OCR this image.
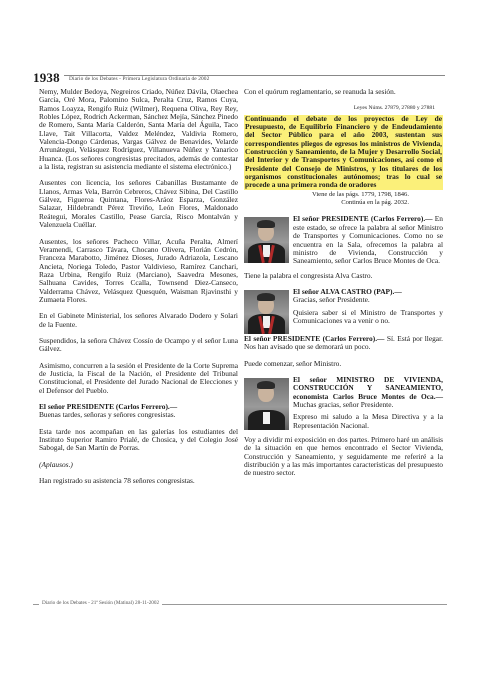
1938 Diario de los Debates - Primera Legislatura Ordinaria de 2002

Nemy, Mulder Bedoya, Negreiros Criado, Núñez Dávila, Olaechea García, Oré Mora, Palomino Sulca, Peralta Cruz, Ramos Cuya, Ramos Loayza, Rengifo Ruiz (Wilmer), Requena Oliva, Rey Rey, Robles López, Rodrich Ackerman, Sánchez Mejía, Sánchez Pinedo de Romero, Santa María Calderón, Santa María del Águila, Taco Llave, Tait Villacorta, Valdez Meléndez, Valdivia Romero, Valencia-Dongo Cárdenas, Vargas Gálvez de Benavides, Velarde Arrunátegui, Velásquez Rodríguez, Villanueva Núñez y Yanarico Huanca. (Los señores congresistas precitados, además de contestar a la lista, registran su asistencia mediante el sistema electrónico.)

Ausentes con licencia, los señores Cabanillas Bustamante de Llanos, Armas Vela, Barrón Cebreros, Chávez Sibina, Del Castillo Gálvez, Figueroa Quintana, Flores-Aráoz Esparza, González Salazar, Hildebrandt Pérez Treviño, León Flores, Maldonado Reátegui, Morales Castillo, Pease García, Risco Montalván y Valenzuela Cuéllar.

Ausentes, los señores Pacheco Villar, Acuña Peralta, Almerí Veramendi, Carrasco Távara, Chocano Olivera, Florián Cedrón, Franceza Marabotto, Jiménez Dioses, Jurado Adriazola, Lescano Ancieta, Noriega Toledo, Pastor Valdivieso, Ramírez Canchari, Raza Urbina, Rengifo Ruiz (Marciano), Saavedra Mesones, Salhuana Cavides, Torres Ccalla, Townsend Diez-Canseco, Valderrama Chávez, Velásquez Quesquén, Waisman Rjavinsthi y Zumaeta Flores.

En el Gabinete Ministerial, los señores Alvarado Dodero y Solari de la Fuente.

Suspendidos, la señora Chávez Cossío de Ocampo y el señor Luna Gálvez.

Asimismo, concurren a la sesión el Presidente de la Corte Suprema de Justicia, la Fiscal de la Nación, el Presidente del Tribunal Constitucional, el Presidente del Jurado Nacional de Elecciones y el Defensor del Pueblo.

El señor PRESIDENTE (Carlos Ferrero).—
Buenas tardes, señoras y señores congresistas.

Esta tarde nos acompañan en las galerías los estudiantes del Instituto Superior Ramiro Prialé, de Chosica, y del Colegio José Sabogal, de San Martín de Porras.

(Aplausos.)

Han registrado su asistencia 78 señores congresistas.

Con el quórum reglamentario, se reanuda la sesión.

Leyes Núms. 27879, 27880 y 27881
Continuando el debate de los proyectos de Ley de Presupuesto, de Equilibrio Financiero y de Endeudamiento del Sector Público para el año 2003, sustentan sus correspondientes pliegos de egresos los ministros de Vivienda, Construcción y Saneamiento, de la Mujer y Desarrollo Social, del Interior y de Transportes y Comunicaciones, así como el Presidente del Consejo de Ministros, y los titulares de los organismos constitucionales autónomos; tras lo cual se procede a una primera ronda de oradores
Viene de las págs. 1779, 1798, 1846.
Continúa en la pág. 2032.

El señor PRESIDENTE (Carlos Ferrero).— En este estado, se ofrece la palabra al señor Ministro de Transportes y Comunicaciones. Como no se encuentra en la Sala, ofrecemos la palabra al ministro de Vivienda, Construcción y Saneamiento, señor Carlos Bruce Montes de Oca.

Tiene la palabra el congresista Alva Castro.

El señor ALVA CASTRO (PAP).—
Gracias, señor Presidente.

Quisiera saber si el Ministro de Transportes y Comunicaciones va a venir o no.

El señor PRESIDENTE (Carlos Ferrero).— Sí. Está por llegar. Nos han avisado que se demorará un poco.

Puede comenzar, señor Ministro.

El señor MINISTRO DE VIVIENDA, CONSTRUCCIÓN Y SANEAMIENTO, economista Carlos Bruce Montes de Oca.— Muchas gracias, señor Presidente.

Expreso mi saludo a la Mesa Directiva y a la Representación Nacional.

Voy a dividir mi exposición en dos partes. Primero haré un análisis de la situación en que hemos encontrado el Sector Vivienda, Construcción y Saneamiento, y seguidamente me referiré a la distribución y a las más importantes características del presupuesto de nuestro sector.

Diario de los Debates - 21ª Sesión (Matinal) 28-11-2002
